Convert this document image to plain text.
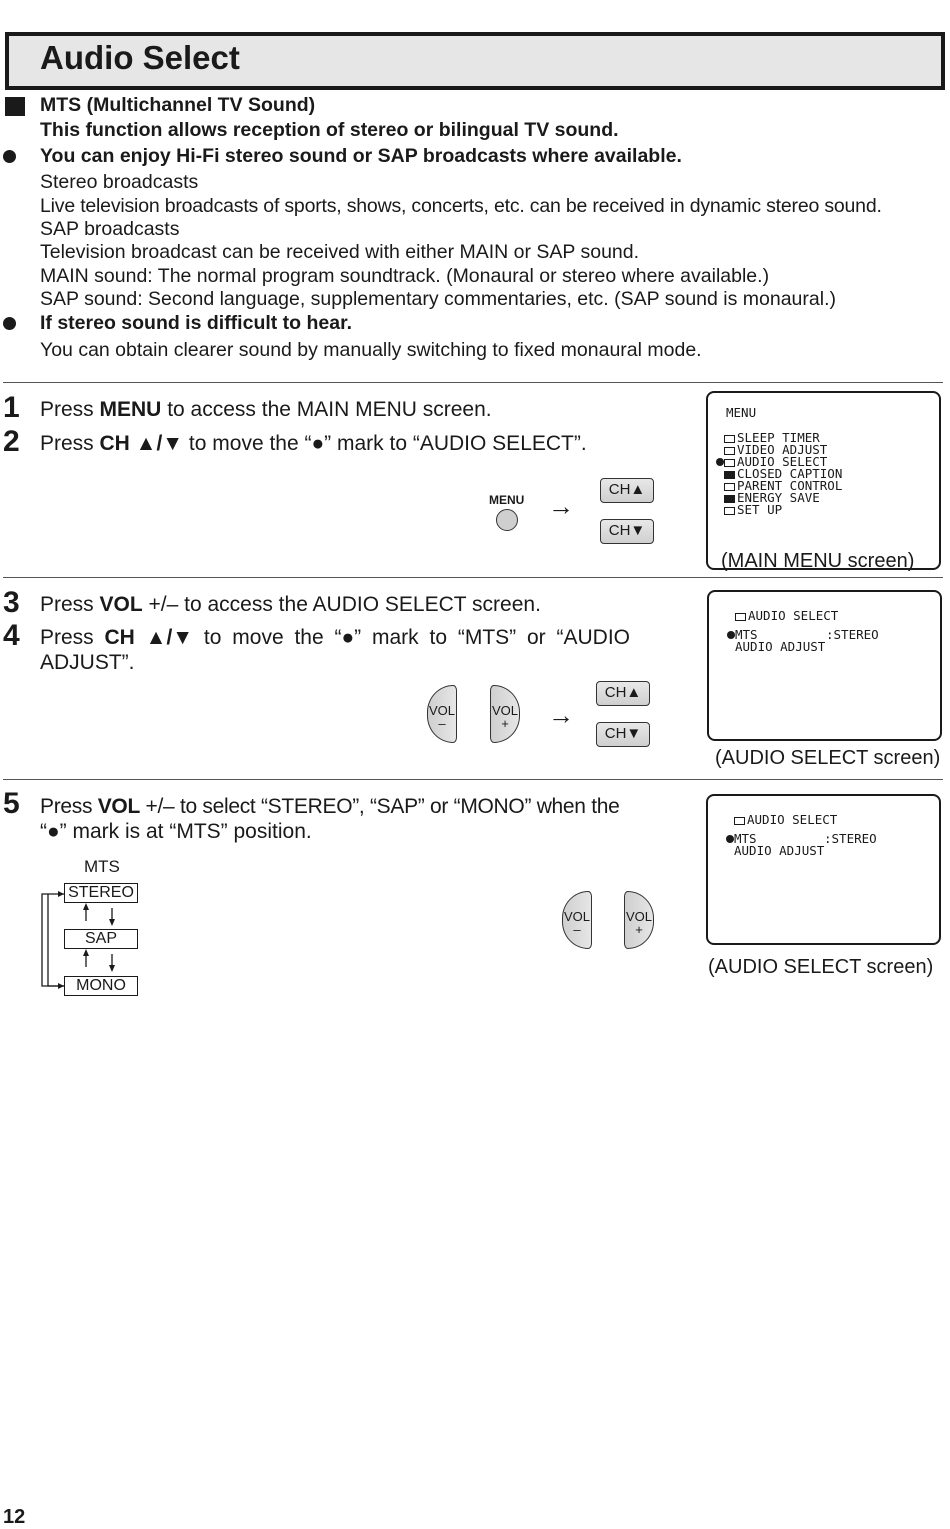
Audio Select
MTS (Multichannel TV Sound)
This function allows reception of stereo or bilingual TV sound.
You can enjoy Hi-Fi stereo sound or SAP broadcasts where available.
Stereo broadcasts
Live television broadcasts of sports, shows, concerts, etc. can be received in dynamic stereo sound.
SAP broadcasts
Television broadcast can be received with either MAIN or SAP sound.
MAIN sound: The normal program soundtrack. (Monaural or stereo where available.)
SAP sound: Second language, supplementary commentaries, etc. (SAP sound is monaural.)
If stereo sound is difficult to hear.
You can obtain clearer sound by manually switching to fixed monaural mode.
1 Press MENU to access the MAIN MENU screen.
2 Press CH ▲/▼ to move the “●” mark to “AUDIO SELECT”.
MENU →
CH▲
CH▼
MENU
SLEEP TIMER
VIDEO ADJUST
AUDIO SELECT
CLOSED CAPTION
PARENT CONTROL
ENERGY SAVE
SET UP
(MAIN MENU screen)
3 Press VOL +/– to access the AUDIO SELECT screen.
4 Press CH ▲/▼ to move the “●” mark to “MTS” or “AUDIO
ADJUST”.
VOL
–
VOL
+	→
CH▲
CH▼
AUDIO SELECT
MTS	:STEREO
AUDIO ADJUST
(AUDIO SELECT screen)
5 Press VOL +/– to select “STEREO”, “SAP” or “MONO” when the
“●” mark is at “MTS” position.
MTS
STEREO
SAP
MONO
VOL
–
VOL
+
AUDIO SELECT
MTS	:STEREO
AUDIO ADJUST
(AUDIO SELECT screen)
12
